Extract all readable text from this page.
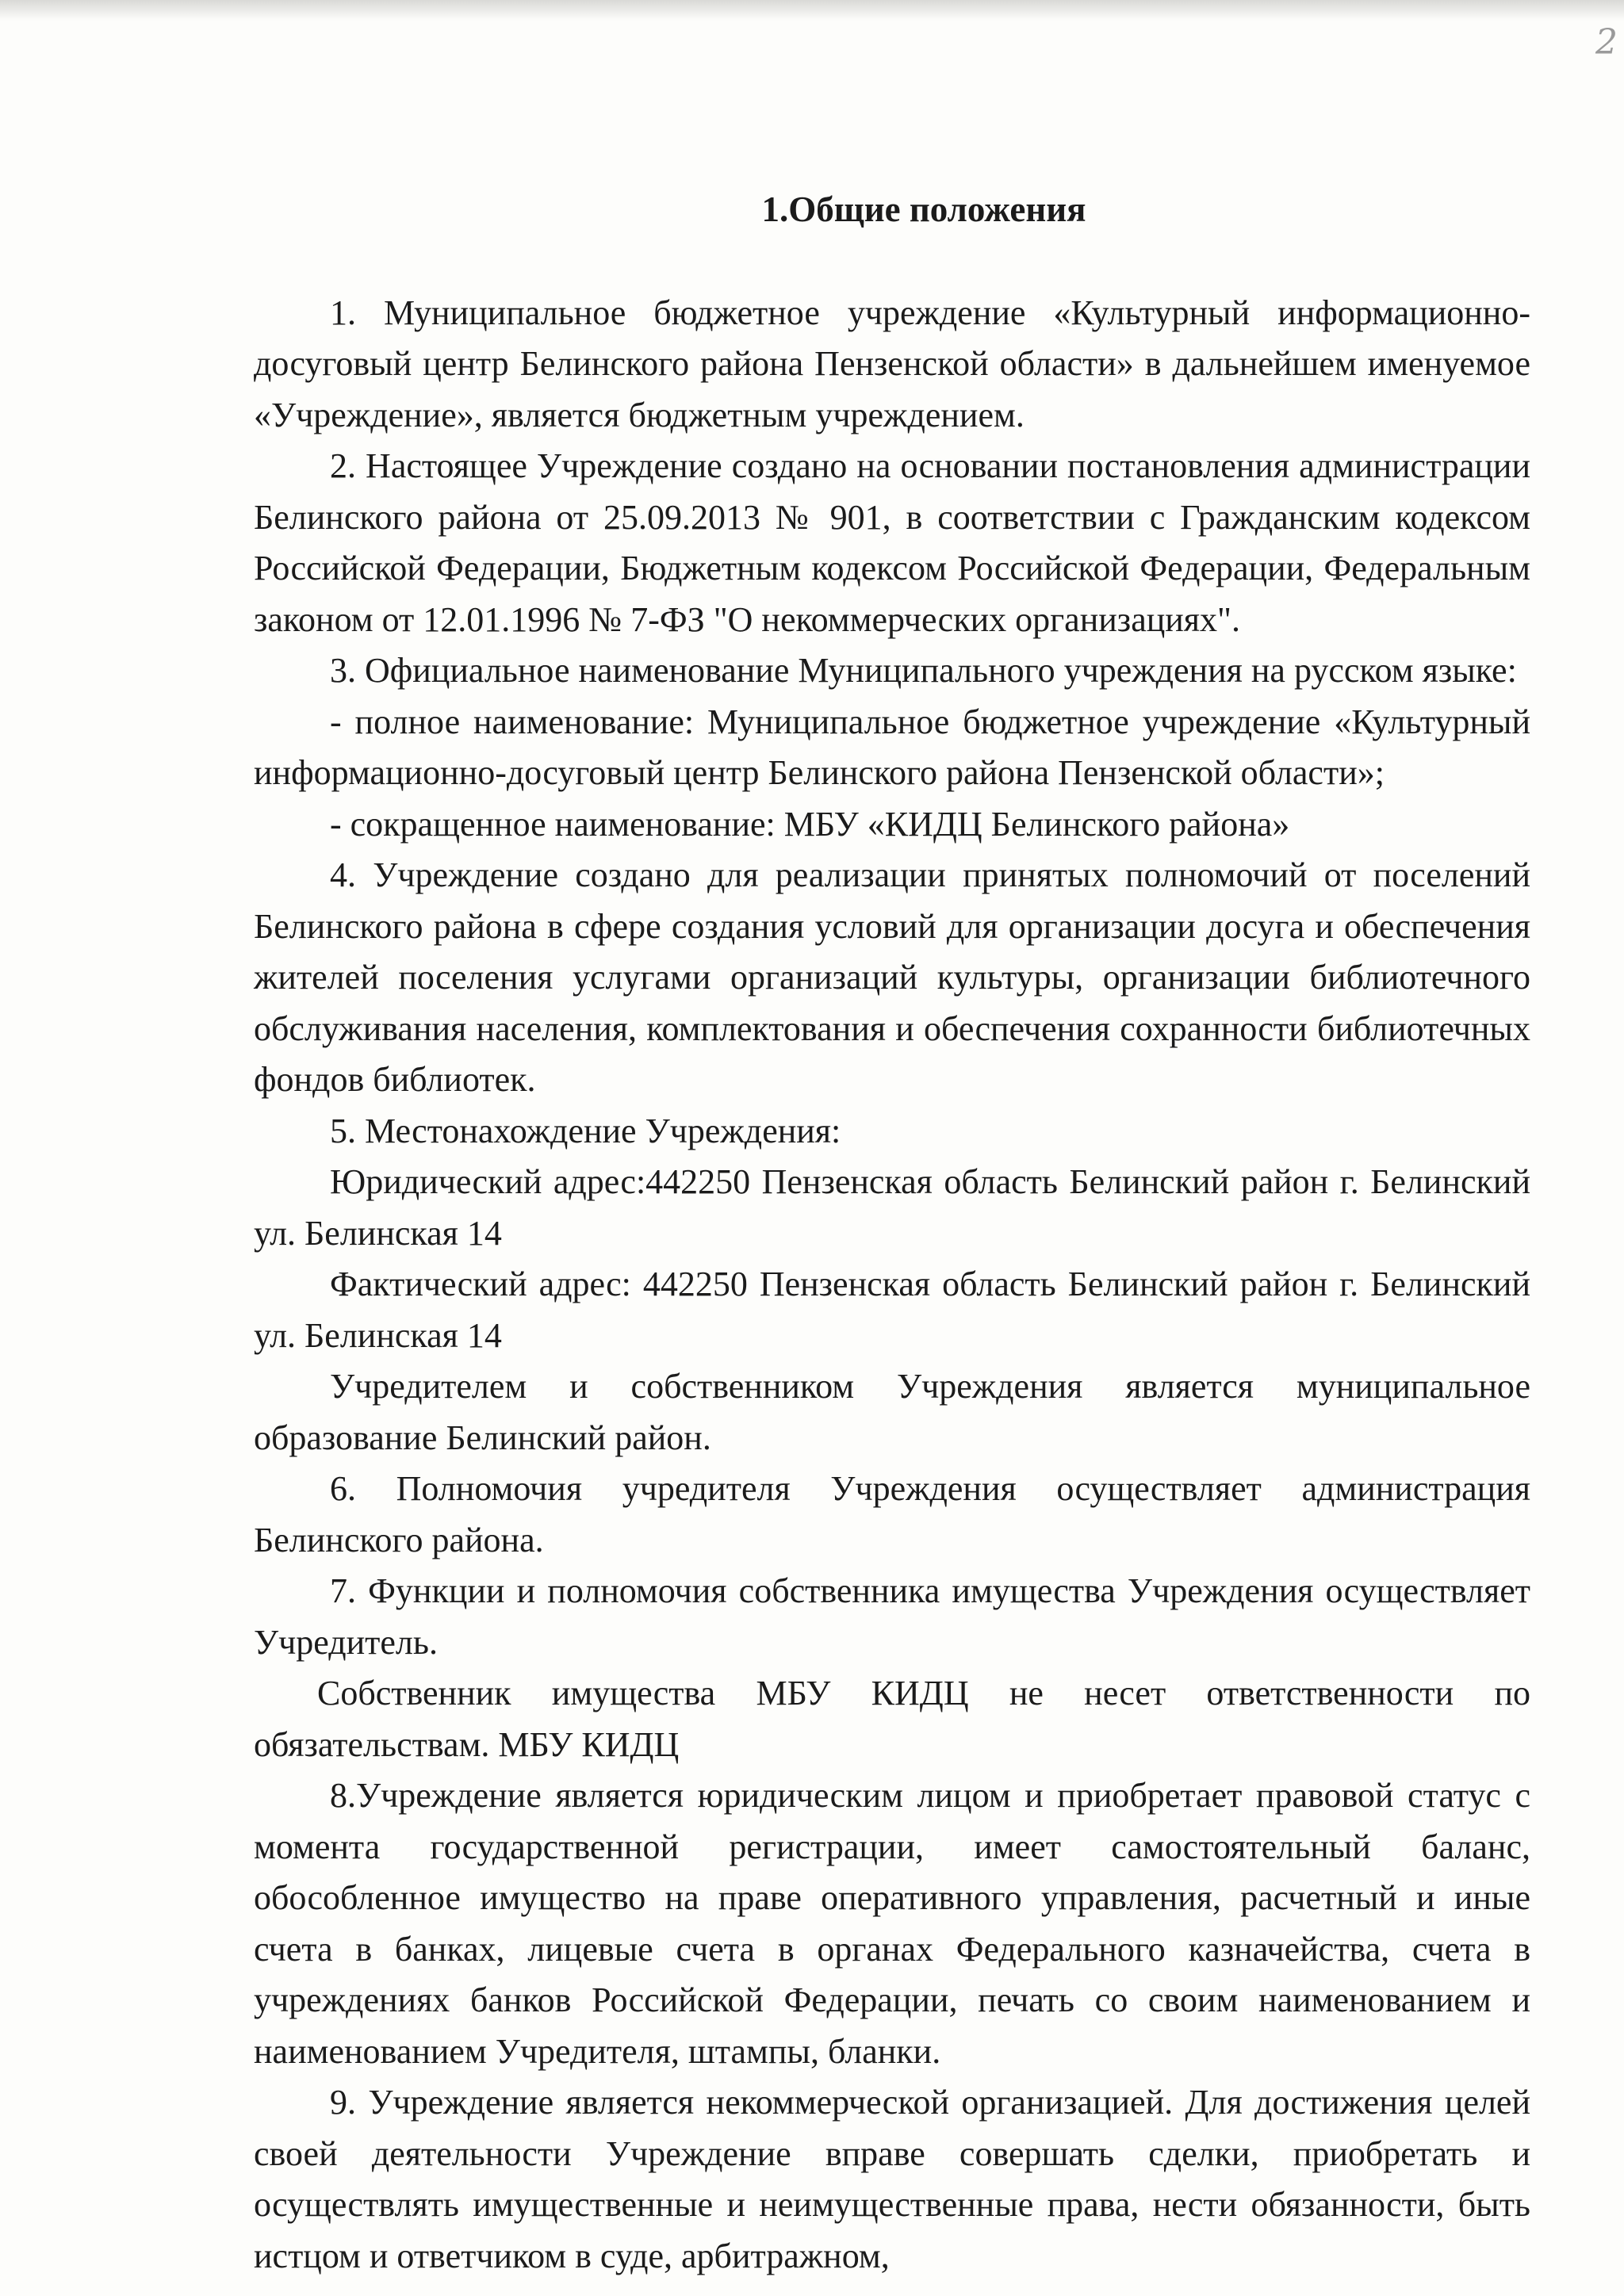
2
1.Общие положения

1. Муниципальное бюджетное учреждение «Культурный информационно-досуговый центр Белинского района Пензенской области» в дальнейшем именуемое «Учреждение», является бюджетным учреждением.

2. Настоящее Учреждение создано на основании постановления администрации Белинского района от 25.09.2013 № 901, в соответствии с Гражданским кодексом Российской Федерации, Бюджетным кодексом Российской Федерации, Федеральным законом от 12.01.1996 № 7-ФЗ "О некоммерческих организациях".

3. Официальное наименование Муниципального учреждения на русском языке:

- полное наименование: Муниципальное бюджетное учреждение «Культурный информационно-досуговый центр Белинского района Пензенской области»;

- сокращенное наименование: МБУ «КИДЦ Белинского района»

4. Учреждение создано для реализации принятых полномочий от поселений Белинского района в сфере создания условий для организации досуга и обеспечения жителей поселения услугами организаций культуры, организации библиотечного обслуживания населения, комплектования и обеспечения сохранности библиотечных фондов библиотек.

5. Местонахождение Учреждения:

Юридический адрес:442250 Пензенская область Белинский район г. Белинский ул. Белинская 14

Фактический адрес: 442250 Пензенская область Белинский район г. Белинский ул. Белинская 14

Учредителем и собственником Учреждения является муниципальное образование Белинский район.

6. Полномочия учредителя Учреждения осуществляет администрация Белинского района.

7. Функции и полномочия собственника имущества Учреждения осуществляет Учредитель.

Собственник имущества МБУ КИДЦ не несет ответственности по обязательствам. МБУ КИДЦ

8.Учреждение является юридическим лицом и приобретает правовой статус с момента государственной регистрации, имеет самостоятельный баланс, обособленное имущество на праве оперативного управления, расчетный и иные счета в банках, лицевые счета в органах Федерального казначейства, счета в учреждениях банков Российской Федерации, печать со своим наименованием и наименованием Учредителя, штампы, бланки.

9. Учреждение является некоммерческой организацией. Для достижения целей своей деятельности Учреждение вправе совершать сделки, приобретать и осуществлять имущественные и неимущественные права, нести обязанности, быть истцом и ответчиком в суде, арбитражном,
